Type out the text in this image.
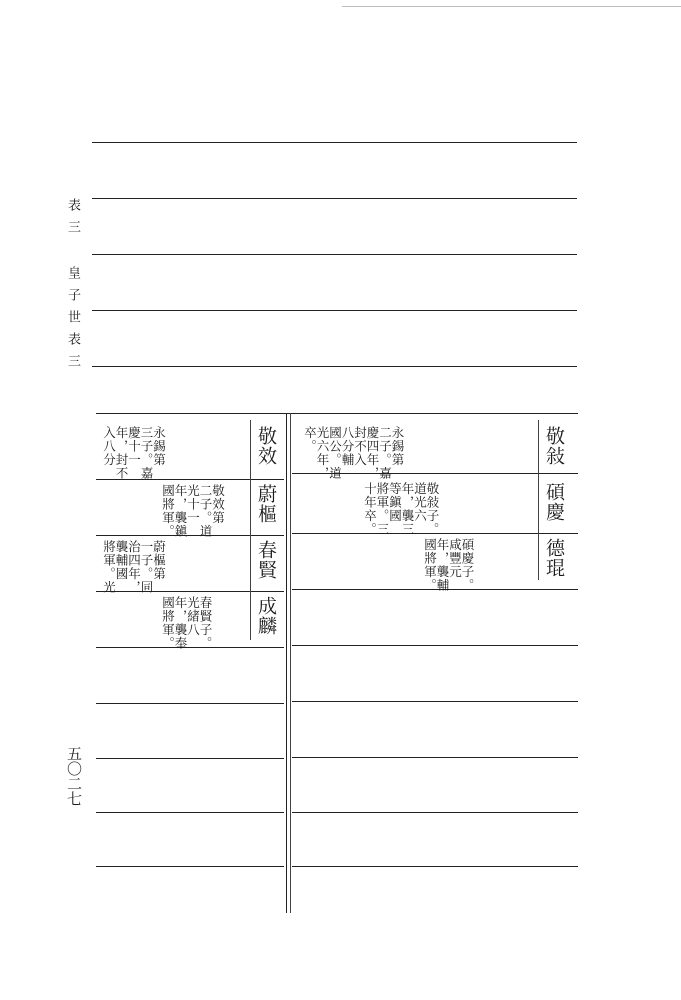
表三
皇子世表三
五〇二七
敬敍
碩慶
德琨
永錫第
二子。嘉
慶四年，
封不入
八分輔
國公。道
光六年，
卒。
敬敍子。
道光六
年，襲三
等鎭國
將軍。三
十年卒。
碩慶子。
咸豐元
年，襲輔
國將軍。
敬效
蔚樞
春賢
成麟
永錫第
三子。嘉
慶十一
年，封不
入八分
敬效第
二子。道
光十一
年，襲鎭
國將軍。
蔚樞第
一子。同
治四年，
襲輔國
將軍。光
春賢子。
光緒八
年，襲奉
國將軍。
